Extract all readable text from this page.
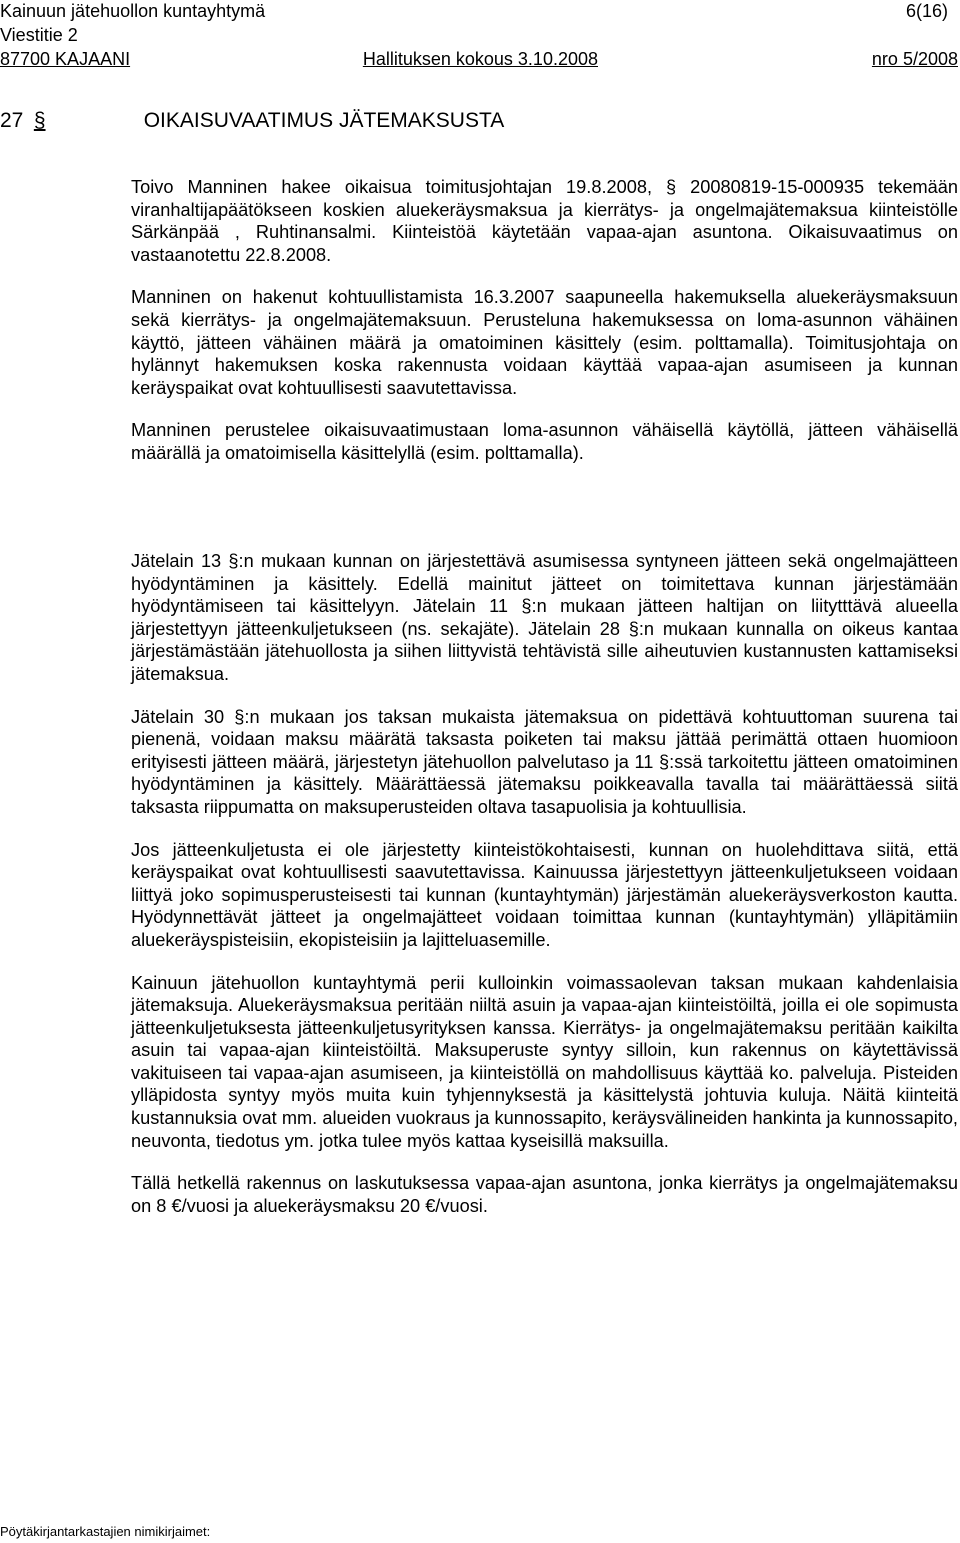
Kainuun jätehuollon kuntayhtymä	6(16)
Viestitie 2
87700 KAJAANI	Hallituksen kokous 3.10.2008	nro 5/2008
27 §	OIKAISUVAATIMUS JÄTEMAKSUSTA

Toivo Manninen hakee oikaisua toimitusjohtajan 19.8.2008, § 20080819-15-000935 tekemään viranhaltijapäätökseen koskien aluekeräysmaksua ja kierrätys- ja ongelmajätemaksua kiinteistölle Särkänpää , Ruhtinansalmi. Kiinteistöä käytetään vapaa-ajan asuntona. Oikaisuvaatimus on vastaanotettu 22.8.2008.

Manninen on hakenut kohtuullistamista 16.3.2007 saapuneella hakemuksella aluekeräysmaksuun sekä kierrätys- ja ongelmajätemaksuun. Perusteluna hakemuksessa on loma-asunnon vähäinen käyttö, jätteen vähäinen määrä ja omatoiminen käsittely (esim. polttamalla). Toimitusjohtaja on hylännyt hakemuksen koska rakennusta voidaan käyttää vapaa-ajan asumiseen ja kunnan keräyspaikat ovat kohtuullisesti saavutettavissa.

Manninen perustelee oikaisuvaatimustaan loma-asunnon vähäisellä käytöllä, jätteen vähäisellä määrällä ja omatoimisella käsittelyllä (esim. polttamalla).

Jätelain 13 §:n mukaan kunnan on järjestettävä asumisessa syntyneen jätteen sekä ongelmajätteen hyödyntäminen ja käsittely. Edellä mainitut jätteet on toimitettava kunnan järjestämään hyödyntämiseen tai käsittelyyn. Jätelain 11 §:n mukaan jätteen haltijan on liitytttävä alueella järjestettyyn jätteenkuljetukseen (ns. sekajäte). Jätelain 28 §:n mukaan kunnalla on oikeus kantaa järjestämästään jätehuollosta ja siihen liittyvistä tehtävistä sille aiheutuvien kustannusten kattamiseksi jätemaksua.

Jätelain 30 §:n mukaan jos taksan mukaista jätemaksua on pidettävä kohtuuttoman suurena tai pienenä, voidaan maksu määrätä taksasta poiketen tai maksu jättää perimättä ottaen huomioon erityisesti jätteen määrä, järjestetyn jätehuollon palvelutaso ja 11 §:ssä tarkoitettu jätteen omatoiminen hyödyntäminen ja käsittely. Määrättäessä jätemaksu poikkeavalla tavalla tai määrättäessä siitä taksasta riippumatta on maksuperusteiden oltava tasapuolisia ja kohtuullisia.

Jos jätteenkuljetusta ei ole järjestetty kiinteistökohtaisesti, kunnan on huolehdittava siitä, että keräyspaikat ovat kohtuullisesti saavutettavissa. Kainuussa järjestettyyn jätteenkuljetukseen voidaan liittyä joko sopimusperusteisesti tai kunnan (kuntayhtymän) järjestämän aluekeräysverkoston kautta. Hyödynnettävät jätteet ja ongelmajätteet voidaan toimittaa kunnan (kuntayhtymän) ylläpitämiin aluekeräyspisteisiin, ekopisteisiin ja lajitteluasemille.

Kainuun jätehuollon kuntayhtymä perii kulloinkin voimassaolevan taksan mukaan kahdenlaisia jätemaksuja. Aluekeräysmaksua peritään niiltä asuin ja vapaa-ajan kiinteistöiltä, joilla ei ole sopimusta jätteenkuljetuksesta jätteenkuljetusyrityksen kanssa. Kierrätys- ja ongelmajätemaksu peritään kaikilta asuin tai vapaa-ajan kiinteistöiltä. Maksuperuste syntyy silloin, kun rakennus on käytettävissä vakituiseen tai vapaa-ajan asumiseen, ja kiinteistöllä on mahdollisuus käyttää ko. palveluja. Pisteiden ylläpidosta syntyy myös muita kuin tyhjennyksestä ja käsittelystä johtuvia kuluja. Näitä kiinteitä kustannuksia ovat mm. alueiden vuokraus ja kunnossapito, keräysvälineiden hankinta ja kunnossapito, neuvonta, tiedotus ym. jotka tulee myös kattaa kyseisillä maksuilla.

Tällä hetkellä rakennus on laskutuksessa vapaa-ajan asuntona, jonka kierrätys ja ongelmajätemaksu on 8 €/vuosi ja aluekeräysmaksu 20 €/vuosi.

Pöytäkirjantarkastajien nimikirjaimet:
